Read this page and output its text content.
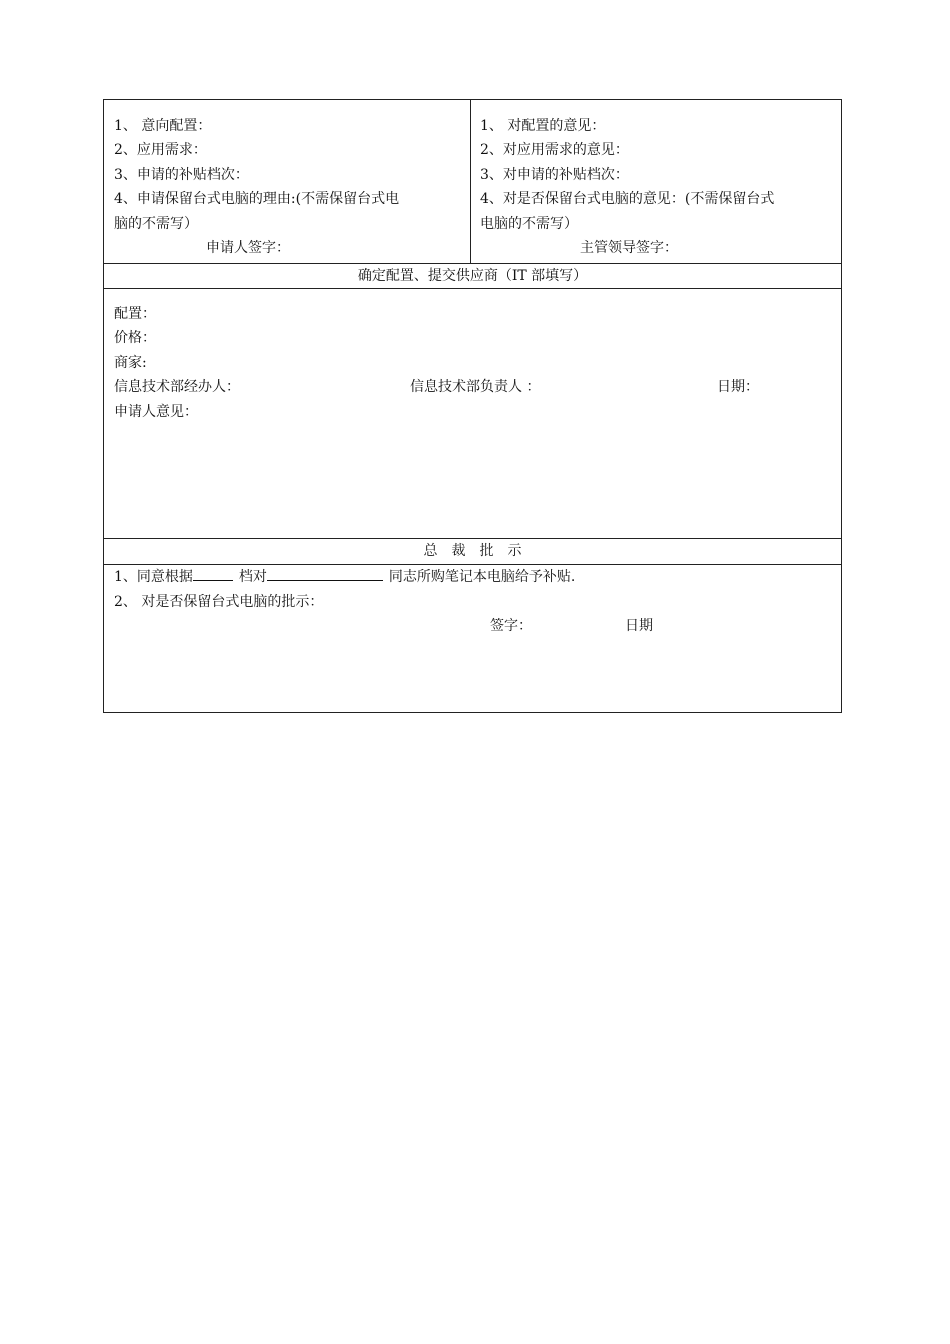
1、 意向配置：
2、应用需求：
3、申请的补贴档次：
4、申请保留台式电脑的理由:(不需保留台式电
脑的不需写）
申请人签字：
1、 对配置的意见：
2、对应用需求的意见：
3、对申请的补贴档次：
4、对是否保留台式电脑的意见：(不需保留台式
电脑的不需写）
主管领导签字：
确定配置、提交供应商（IT 部填写）
配置：
价格：
商家:
信息技术部经办人：	信息技术部负责人 ：	日期：
申请人意见：
总　裁　批　示
1、同意根据	档对	同志所购笔记本电脑给予补贴.
2、 对是否保留台式电脑的批示：
签字：	日期
